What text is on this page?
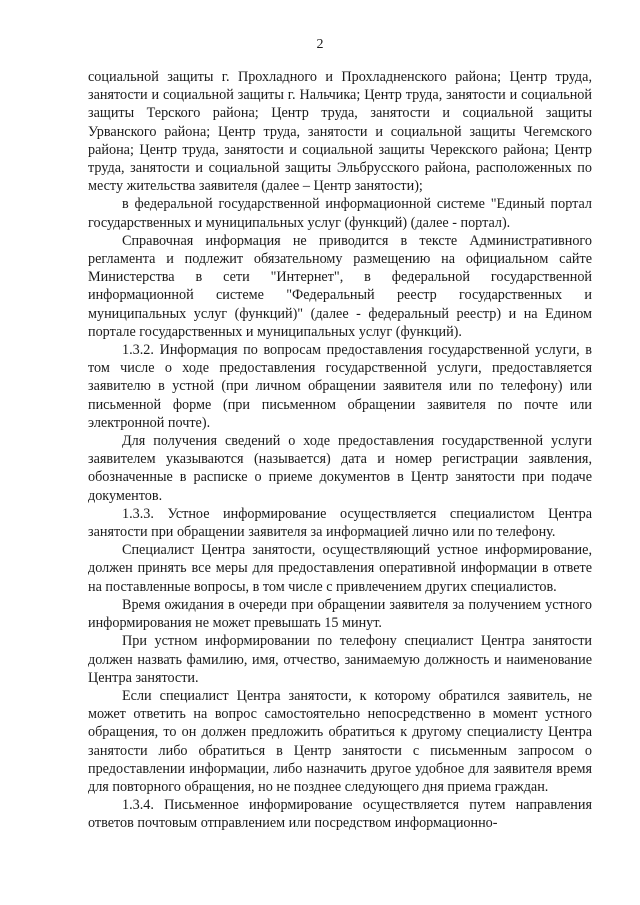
2

социальной защиты г. Прохладного и Прохладненского района; Центр труда, занятости и социальной защиты г. Нальчика; Центр труда, занятости и социальной защиты Терского района; Центр труда, занятости и социальной защиты Урванского района; Центр труда, занятости и социальной защиты Чегемского района; Центр труда, занятости и социальной защиты Черекского района; Центр труда, занятости и социальной защиты Эльбрусского района, расположенных по месту жительства заявителя (далее – Центр занятости);

в федеральной государственной информационной системе "Единый портал государственных и муниципальных услуг (функций) (далее - портал).

Справочная информация не приводится в тексте Административного регламента и подлежит обязательному размещению на официальном сайте Министерства в сети "Интернет", в федеральной государственной информационной системе "Федеральный реестр государственных и муниципальных услуг (функций)" (далее - федеральный реестр) и на Едином портале государственных и муниципальных услуг (функций).

1.3.2. Информация по вопросам предоставления государственной услуги, в том числе о ходе предоставления государственной услуги, предоставляется заявителю в устной (при личном обращении заявителя или по телефону) или письменной форме (при письменном обращении заявителя по почте или электронной почте).

Для получения сведений о ходе предоставления государственной услуги заявителем указываются (называется) дата и номер регистрации заявления, обозначенные в расписке о приеме документов в Центр занятости при подаче документов.

1.3.3. Устное информирование осуществляется специалистом Центра занятости при обращении заявителя за информацией лично или по телефону.

Специалист Центра занятости, осуществляющий устное информирование, должен принять все меры для предоставления оперативной информации в ответе на поставленные вопросы, в том числе с привлечением других специалистов.

Время ожидания в очереди при обращении заявителя за получением устного информирования не может превышать 15 минут.

При устном информировании по телефону специалист Центра занятости должен назвать фамилию, имя, отчество, занимаемую должность и наименование Центра занятости.

Если специалист Центра занятости, к которому обратился заявитель, не может ответить на вопрос самостоятельно непосредственно в момент устного обращения, то он должен предложить обратиться к другому специалисту Центра занятости либо обратиться в Центр занятости с письменным запросом о предоставлении информации, либо назначить другое удобное для заявителя время для повторного обращения, но не позднее следующего дня приема граждан.

1.3.4. Письменное информирование осуществляется путем направления ответов почтовым отправлением или посредством информационно-
